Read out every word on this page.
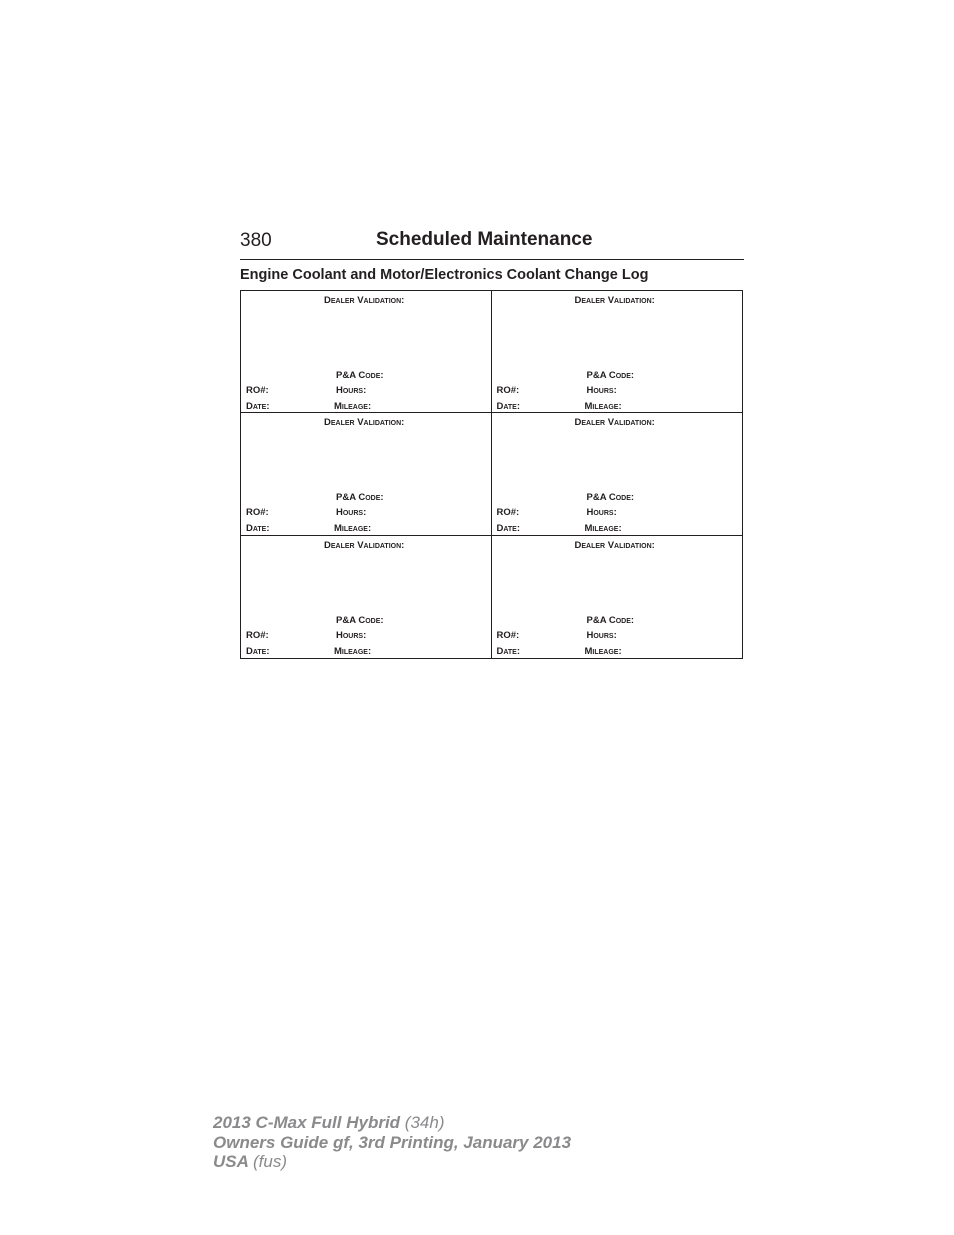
380	Scheduled Maintenance
Engine Coolant and Motor/Electronics Coolant Change Log
Dealer Validation:
P&A Code:
RO#:	Hours:
Date:	Mileage:
Dealer Validation:
P&A Code:
RO#:	Hours:
Date:	Mileage:
Dealer Validation:
P&A Code:
RO#:	Hours:
Date:	Mileage:
Dealer Validation:
P&A Code:
RO#:	Hours:
Date:	Mileage:
Dealer Validation:
P&A Code:
RO#:	Hours:
Date:	Mileage:
Dealer Validation:
P&A Code:
RO#:	Hours:
Date:	Mileage:
2013 C-Max Full Hybrid (34h)
Owners Guide gf, 3rd Printing, January 2013
USA (fus)
